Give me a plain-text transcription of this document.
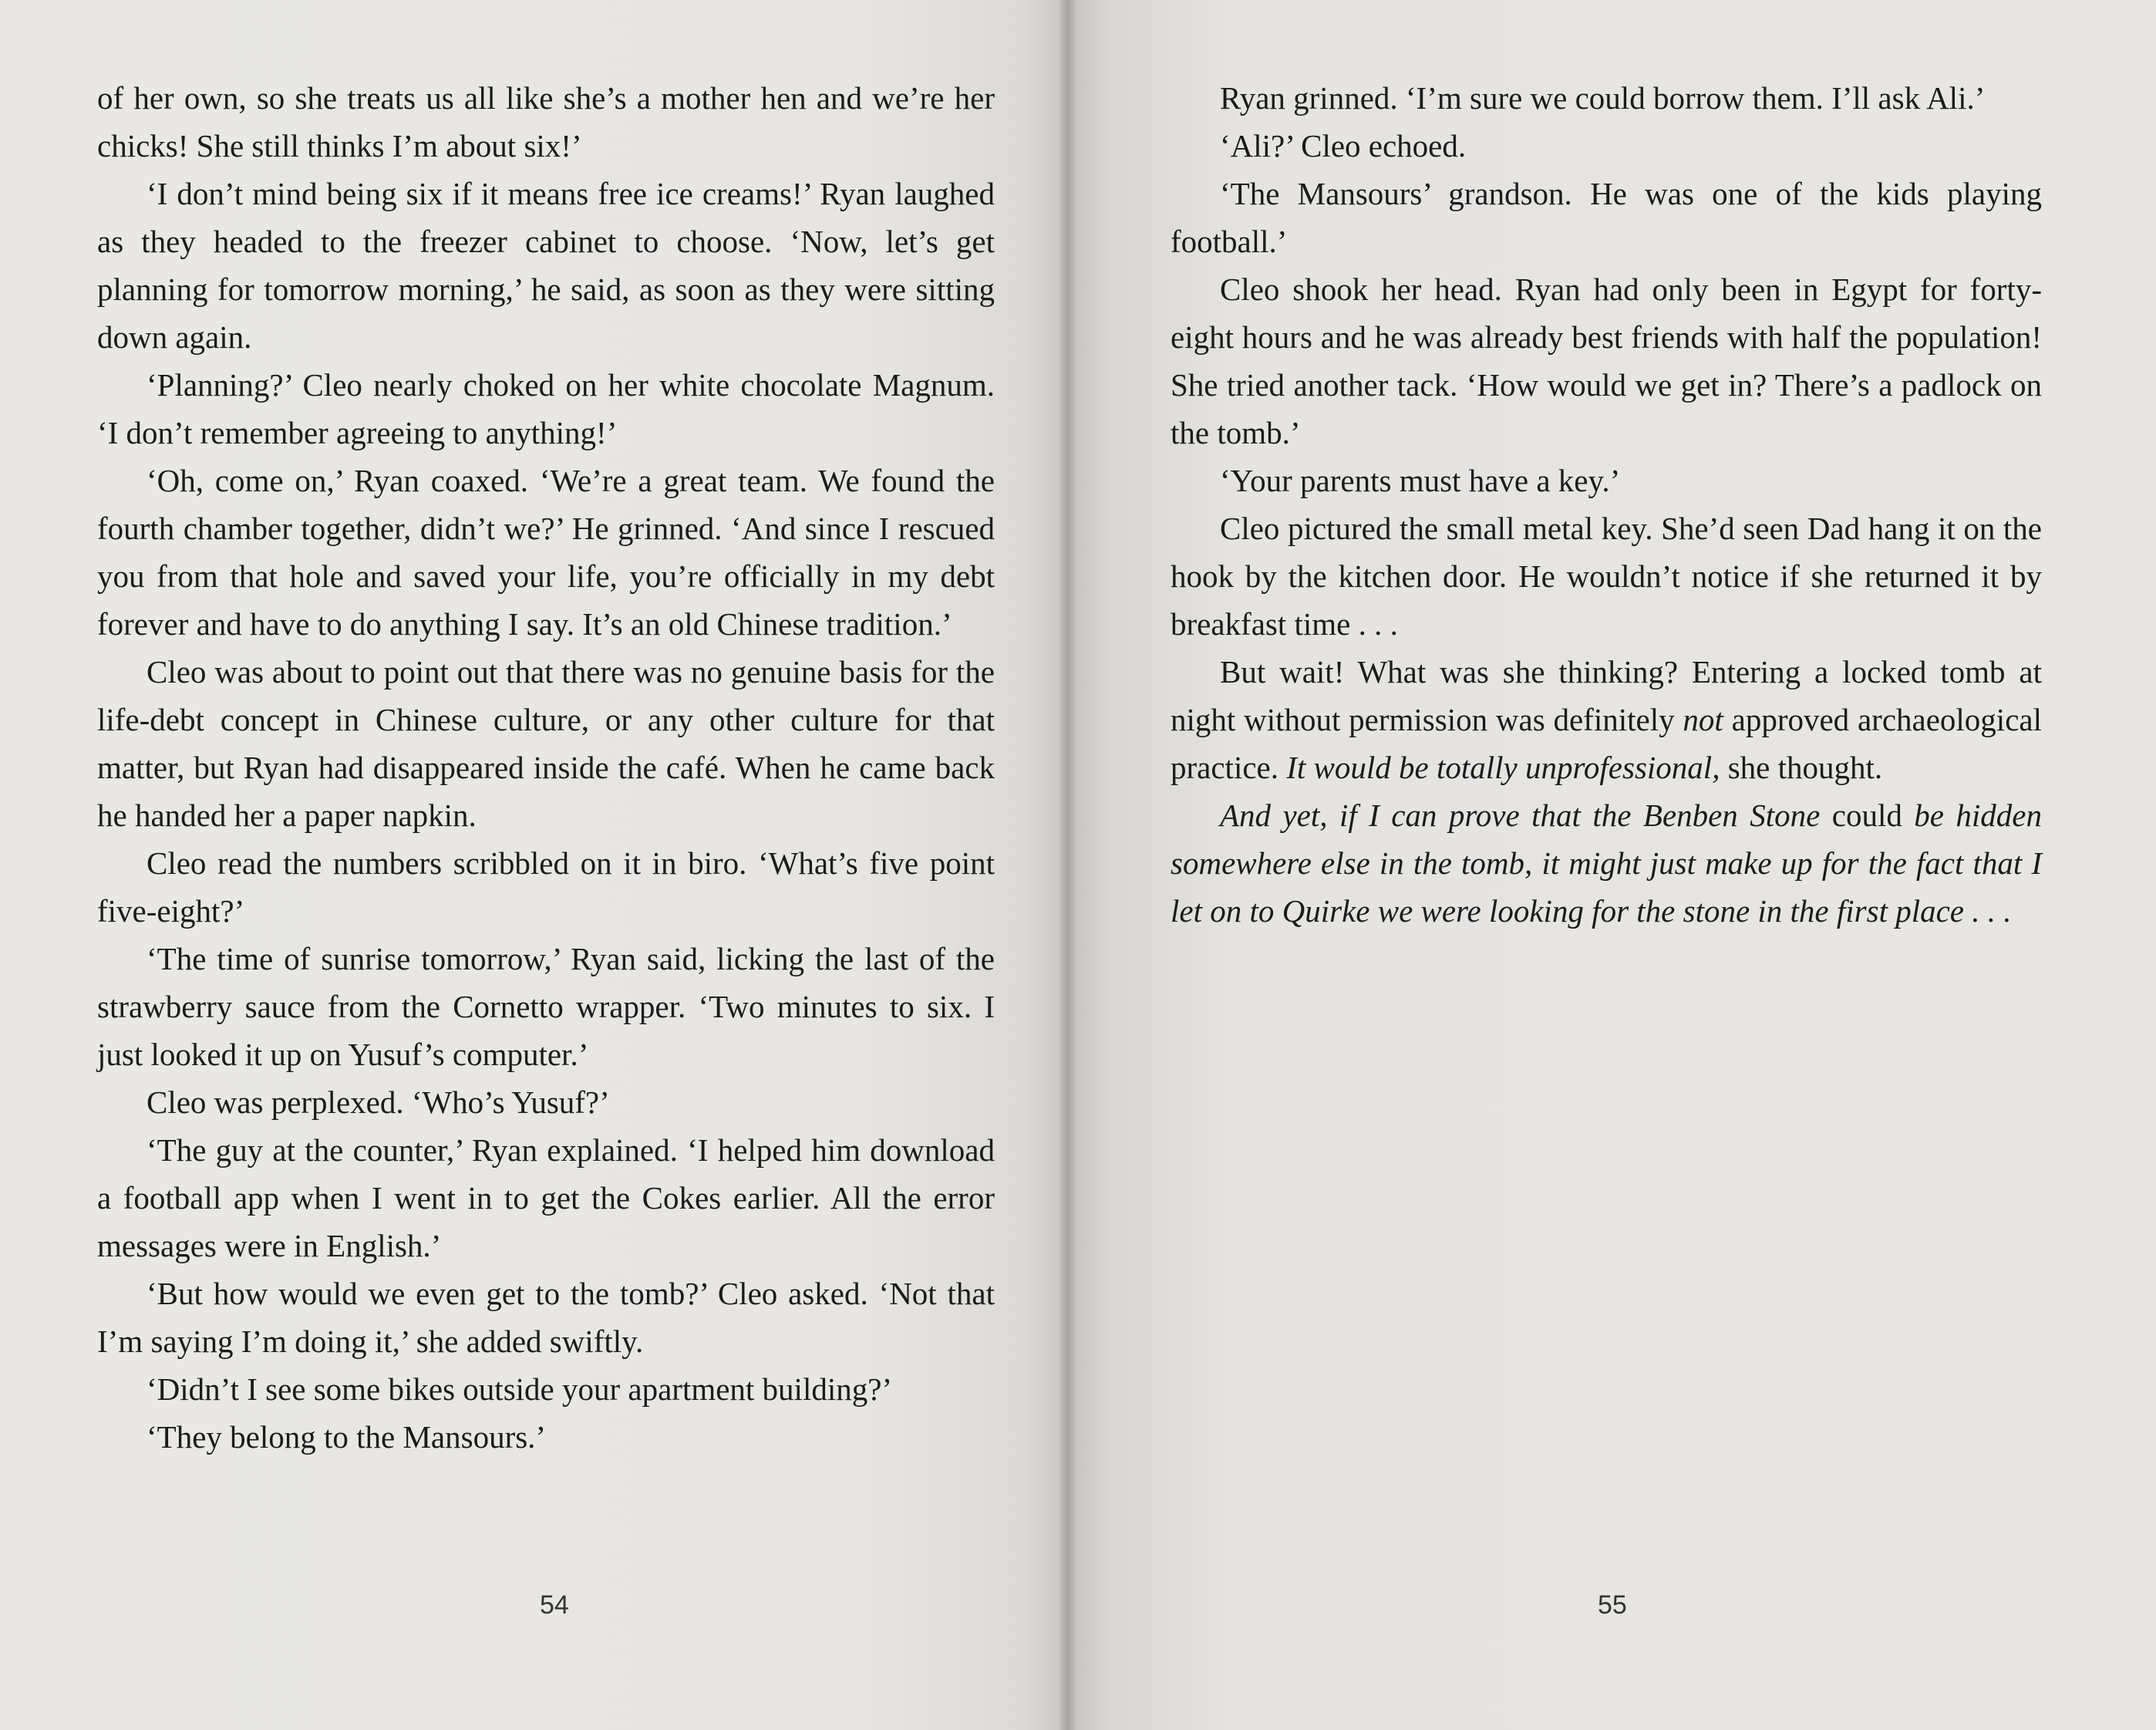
of her own, so she treats us all like she’s a mother hen and we’re her chicks! She still thinks I’m about six!’

‘I don’t mind being six if it means free ice creams!’ Ryan laughed as they headed to the freezer cabinet to choose. ‘Now, let’s get planning for tomorrow morning,’ he said, as soon as they were sitting down again.

‘Planning?’ Cleo nearly choked on her white chocolate Magnum. ‘I don’t remember agreeing to anything!’

‘Oh, come on,’ Ryan coaxed. ‘We’re a great team. We found the fourth chamber together, didn’t we?’ He grinned. ‘And since I rescued you from that hole and saved your life, you’re officially in my debt forever and have to do anything I say. It’s an old Chinese tradition.’

Cleo was about to point out that there was no genuine basis for the life-debt concept in Chinese culture, or any other culture for that matter, but Ryan had disappeared inside the café. When he came back he handed her a paper napkin.

Cleo read the numbers scribbled on it in biro. ‘What’s five point five-eight?’

‘The time of sunrise tomorrow,’ Ryan said, licking the last of the strawberry sauce from the Cornetto wrapper. ‘Two minutes to six. I just looked it up on Yusuf’s computer.’

Cleo was perplexed. ‘Who’s Yusuf?’

‘The guy at the counter,’ Ryan explained. ‘I helped him download a football app when I went in to get the Cokes earlier. All the error messages were in English.’

‘But how would we even get to the tomb?’ Cleo asked. ‘Not that I’m saying I’m doing it,’ she added swiftly.

‘Didn’t I see some bikes outside your apartment building?’

‘They belong to the Mansours.’

54

Ryan grinned. ‘I’m sure we could borrow them. I’ll ask Ali.’

‘Ali?’ Cleo echoed.

‘The Mansours’ grandson. He was one of the kids playing football.’

Cleo shook her head. Ryan had only been in Egypt for forty-eight hours and he was already best friends with half the population! She tried another tack. ‘How would we get in? There’s a padlock on the tomb.’

‘Your parents must have a key.’

Cleo pictured the small metal key. She’d seen Dad hang it on the hook by the kitchen door. He wouldn’t notice if she returned it by breakfast time . . .

But wait! What was she thinking? Entering a locked tomb at night without permission was definitely not approved archaeological practice. It would be totally unprofessional, she thought.

And yet, if I can prove that the Benben Stone could be hidden somewhere else in the tomb, it might just make up for the fact that I let on to Quirke we were looking for the stone in the first place . . .

55
